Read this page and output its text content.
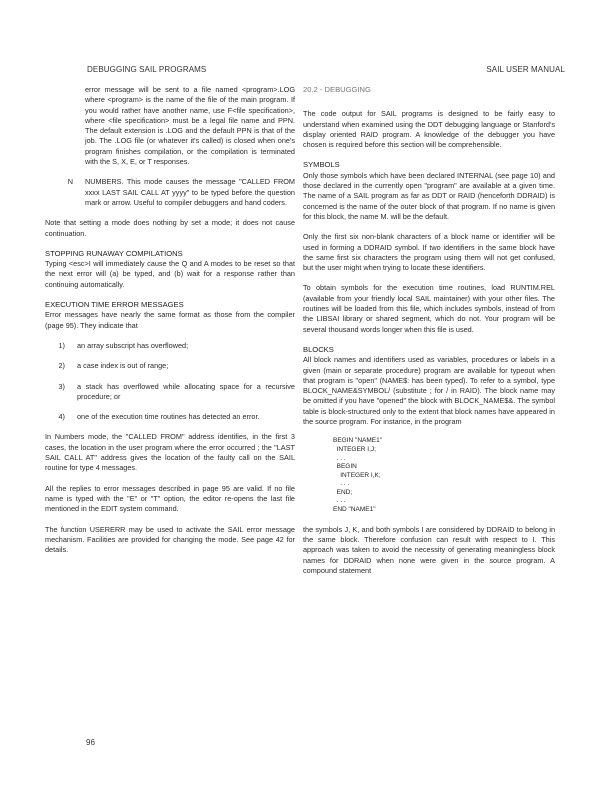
DEBUGGING SAIL PROGRAMS	SAIL USER MANUAL

error message will be sent to a file named <program>.LOG where <program> is the name of the file of the main program. If you would rather have another name, use F<file specification>, where <file specification> must be a legal file name and PPN. The default extension is .LOG and the default PPN is that of the job. The .LOG file (or whatever it's called) is closed when one's program finishes compilation, or the compilation is terminated with the S, X, E, or T responses.

N	NUMBERS. This mode causes the message "CALLED FROM xxxx LAST SAIL CALL AT yyyy" to be typed before the question mark or arrow. Useful to compiler debuggers and hand coders.

Note that setting a mode does nothing by set a mode; it does not cause continuation.

STOPPING RUNAWAY COMPILATIONS

Typing <esc>I will immediately cause the Q and A modes to be reset so that the next error will (a) be typed, and (b) wait for a response rather than continuing automatically.

EXECUTION TIME ERROR MESSAGES

Error messages have nearly the same format as those from the compiler (page 95). They indicate that

1)	an array subscript has overflowed;
2)	a case index is out of range;
3)	a stack has overflowed while allocating space for a recursive procedure; or
4)	one of the execution time routines has detected an error.

In Numbers mode, the "CALLED FROM" address identifies, in the first 3 cases, the location in the user program where the error occurred ; the "LAST SAIL CALL AT" address gives the location of the faulty call on the SAIL routine for type 4 messages.

All the replies to error messages described in page 95 are valid. If no file name is typed with the "E" or "T" option, the editor re-opens the last file mentioned in the EDIT system command.

The function USERERR may be used to activate the SAIL error message mechanism. Facilities are provided for changing the mode. See page 42 for details.

20.2 - DEBUGGING

The code output for SAIL programs is designed to be fairly easy to understand when examined using the DDT debugging language or Stanford's display oriented RAID program. A knowledge of the debugger you have chosen is required before this section will be comprehensible.

SYMBOLS

Only those symbols which have been declared INTERNAL (see page 10) and those declared in the currently open "program" are available at a given time. The name of a SAIL program as far as DDT or RAID (henceforth DDRAID) is concerned is the name of the outer block of that program. If no name is given for this block, the name M. will be the default.

Only the first six non-blank characters of a block name or identifier will be used in forming a DDRAID symbol. If two identifiers in the same block have the same first six characters the program using them will not get confused, but the user might when trying to locate these identifiers.

To obtain symbols for the execution time routines, load RUNTIM.REL (available from your friendly local SAIL maintainer) with your other files. The routines will be loaded from this file, which includes symbols, instead of from the LIBSAI library or shared segment, which do not. Your program will be several thousand words longer when this file is used.

BLOCKS

All block names and identifiers used as variables, procedures or labels in a given (main or separate procedure) program are available for typeout when that program is "open" (NAME$: has been typed). To refer to a symbol, type BLOCK_NAME&SYMBOL/ (substitute ; for / in RAID). The block name may be omitted if you have "opened" the block with BLOCK_NAME$&. The symbol table is block-structured only to the extent that block names have appeared in the source program. For instance, in the program

BEGIN "NAME1"
INTEGER I,J;
. . .
BEGIN
INTEGER I,K;
. . .
END;
. . .
END "NAME1"

the symbols J, K, and both symbols I are considered by DDRAID to belong in the same block. Therefore confusion can result with respect to I. This approach was taken to avoid the necessity of generating meaningless block names for DDRAID when none were given in the source program. A compound statement

96
